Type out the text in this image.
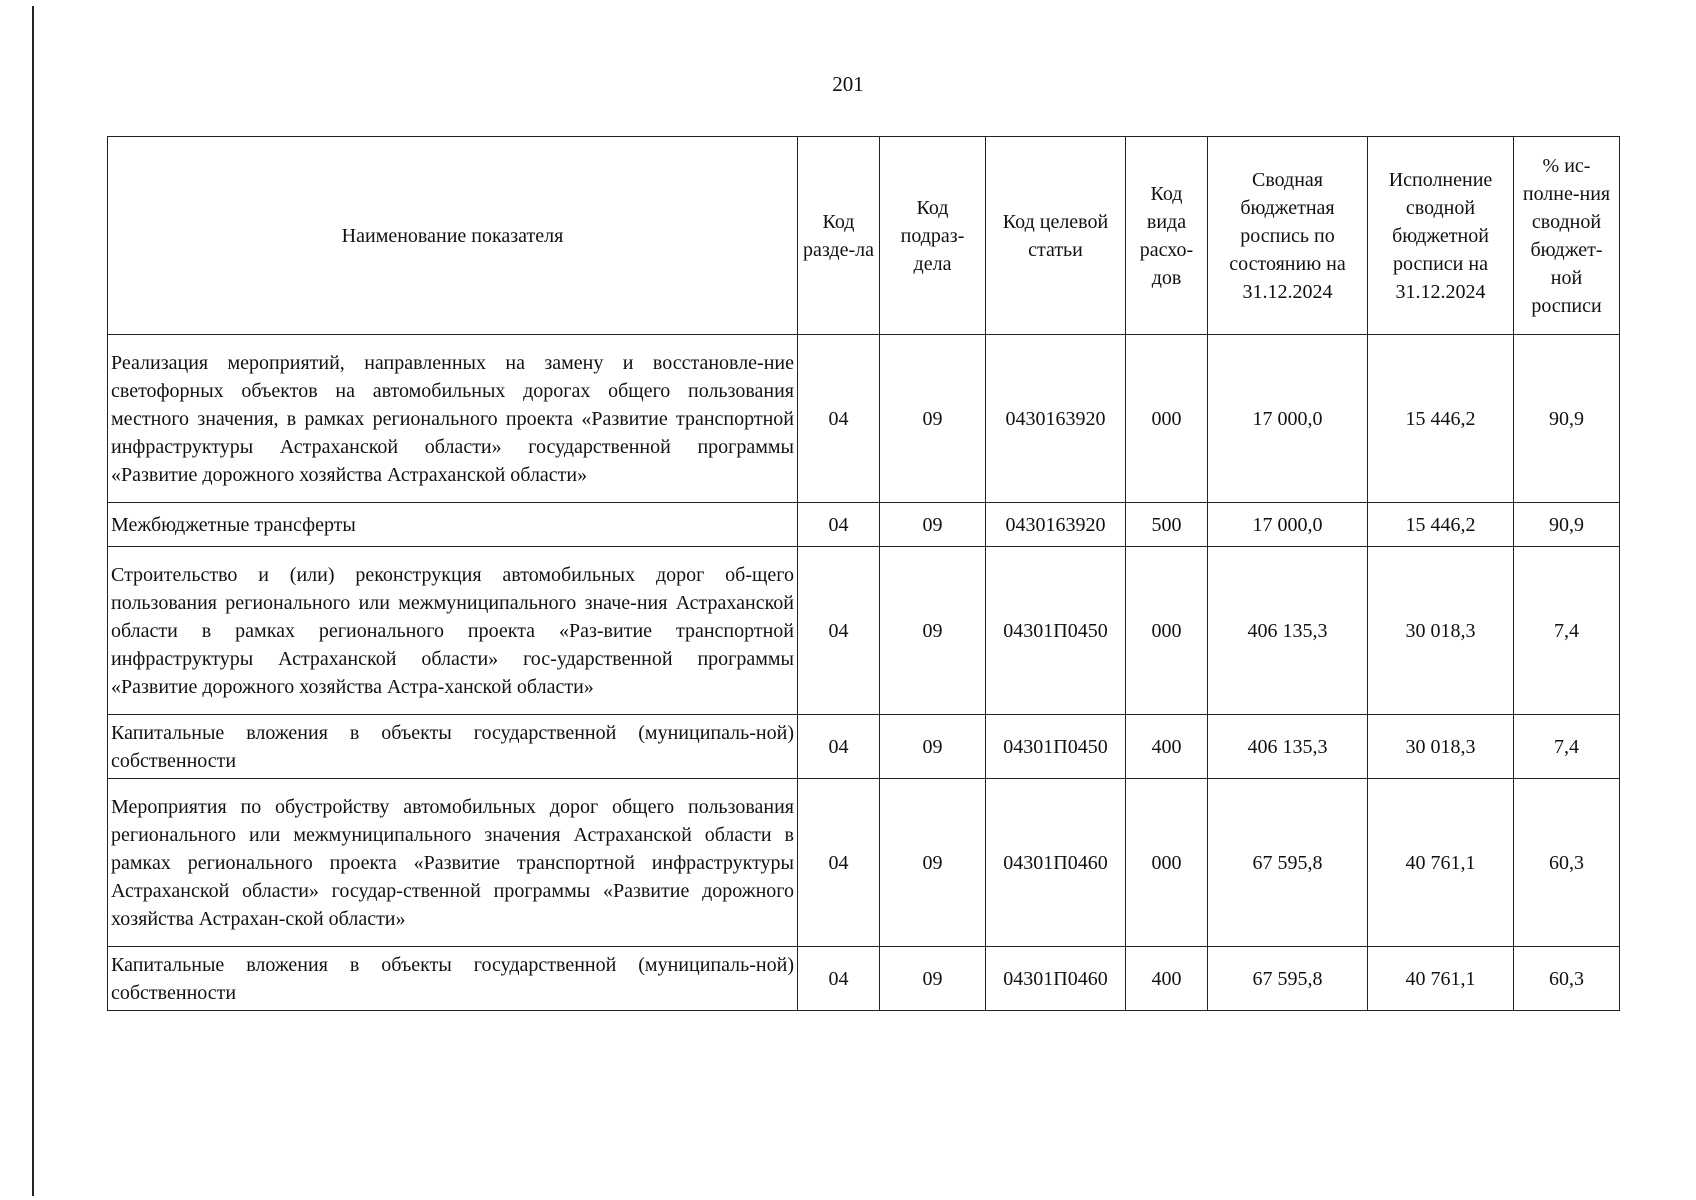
201
Наименование показателя	Код разде-ла	Код подраз-дела	Код целевой статьи	Код вида расхо-дов	Сводная бюджетная роспись по состоянию на 31.12.2024	Исполнение сводной бюджетной росписи на 31.12.2024	% ис-полне-ния сводной бюджет-ной росписи
Реализация мероприятий, направленных на замену и восстановле-ние светофорных объектов на автомобильных дорогах общего пользования местного значения, в рамках регионального проекта «Развитие транспортной инфраструктуры Астраханской области» государственной программы «Развитие дорожного хозяйства Астраханской области»	04	09	0430163920	000	17 000,0	15 446,2	90,9
Межбюджетные трансферты	04	09	0430163920	500	17 000,0	15 446,2	90,9
Строительство и (или) реконструкция автомобильных дорог об-щего пользования регионального или межмуниципального значе-ния Астраханской области в рамках регионального проекта «Раз-витие транспортной инфраструктуры Астраханской области» гос-ударственной программы «Развитие дорожного хозяйства Астра-ханской области»	04	09	04301П0450	000	406 135,3	30 018,3	7,4
Капитальные вложения в объекты государственной (муниципаль-ной) собственности	04	09	04301П0450	400	406 135,3	30 018,3	7,4
Мероприятия по обустройству автомобильных дорог общего пользования регионального или межмуниципального значения Астраханской области в рамках регионального проекта «Развитие транспортной инфраструктуры Астраханской области» государ-ственной программы «Развитие дорожного хозяйства Астрахан-ской области»	04	09	04301П0460	000	67 595,8	40 761,1	60,3
Капитальные вложения в объекты государственной (муниципаль-ной) собственности	04	09	04301П0460	400	67 595,8	40 761,1	60,3
